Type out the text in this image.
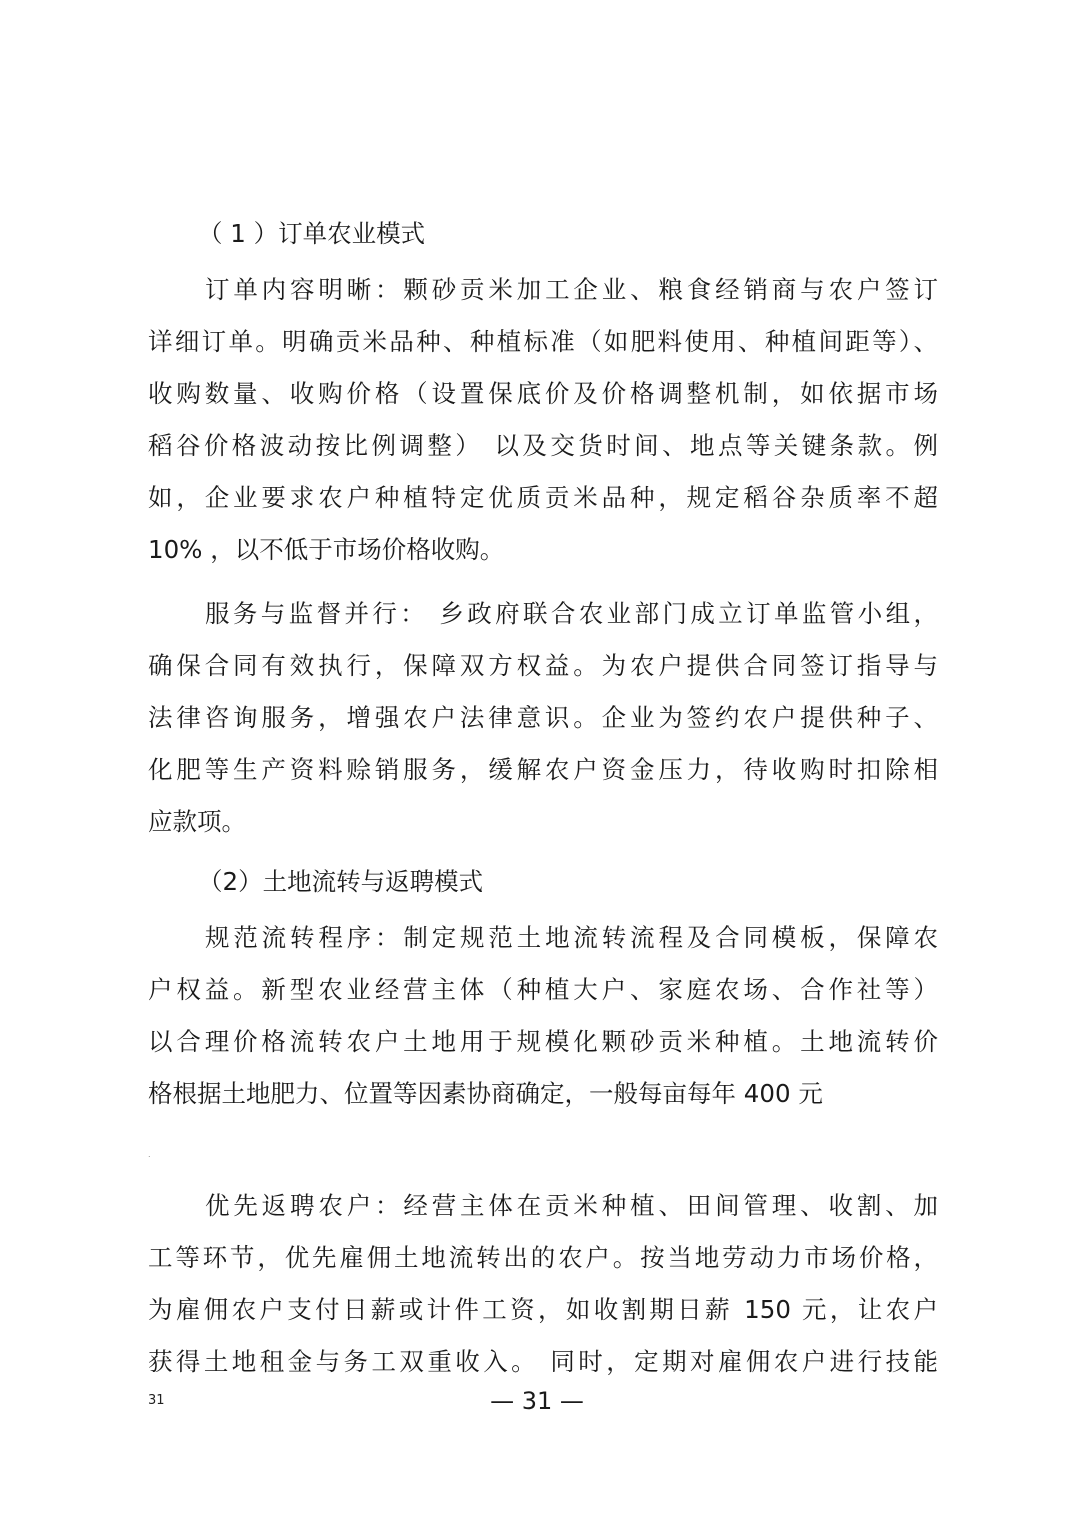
（ 1 ）订单农业模式
订单内容明晰：颗砂贡米加工企业、粮食经销商与农户签订
详细订单。明确贡米品种、种植标准（如肥料使用、种植间距等）、
收购数量、收购价格（设置保底价及价格调整机制，如依据市场
稻谷价格波动按比例调整） 以及交货时间、地点等关键条款。例
如，企业要求农户种植特定优质贡米品种，规定稻谷杂质率不超
10% ，以不低于市场价格收购。
服务与监督并行： 乡政府联合农业部门成立订单监管小组，
确保合同有效执行，保障双方权益。为农户提供合同签订指导与
法律咨询服务，增强农户法律意识。企业为签约农户提供种子、
化肥等生产资料赊销服务，缓解农户资金压力，待收购时扣除相
应款项。
（2）土地流转与返聘模式
规范流转程序：制定规范土地流转流程及合同模板，保障农
户权益。新型农业经营主体（种植大户、家庭农场、合作社等）
以合理价格流转农户土地用于规模化颗砂贡米种植。土地流转价
格根据土地肥力、位置等因素协商确定，一般每亩每年 400 元
.
优先返聘农户：经营主体在贡米种植、田间管理、收割、加
工等环节，优先雇佣土地流转出的农户。按当地劳动力市场价格，
为雇佣农户支付日薪或计件工资，如收割期日薪 150 元，让农户
获得土地租金与务工双重收入。 同时，定期对雇佣农户进行技能
31	— 31 —
